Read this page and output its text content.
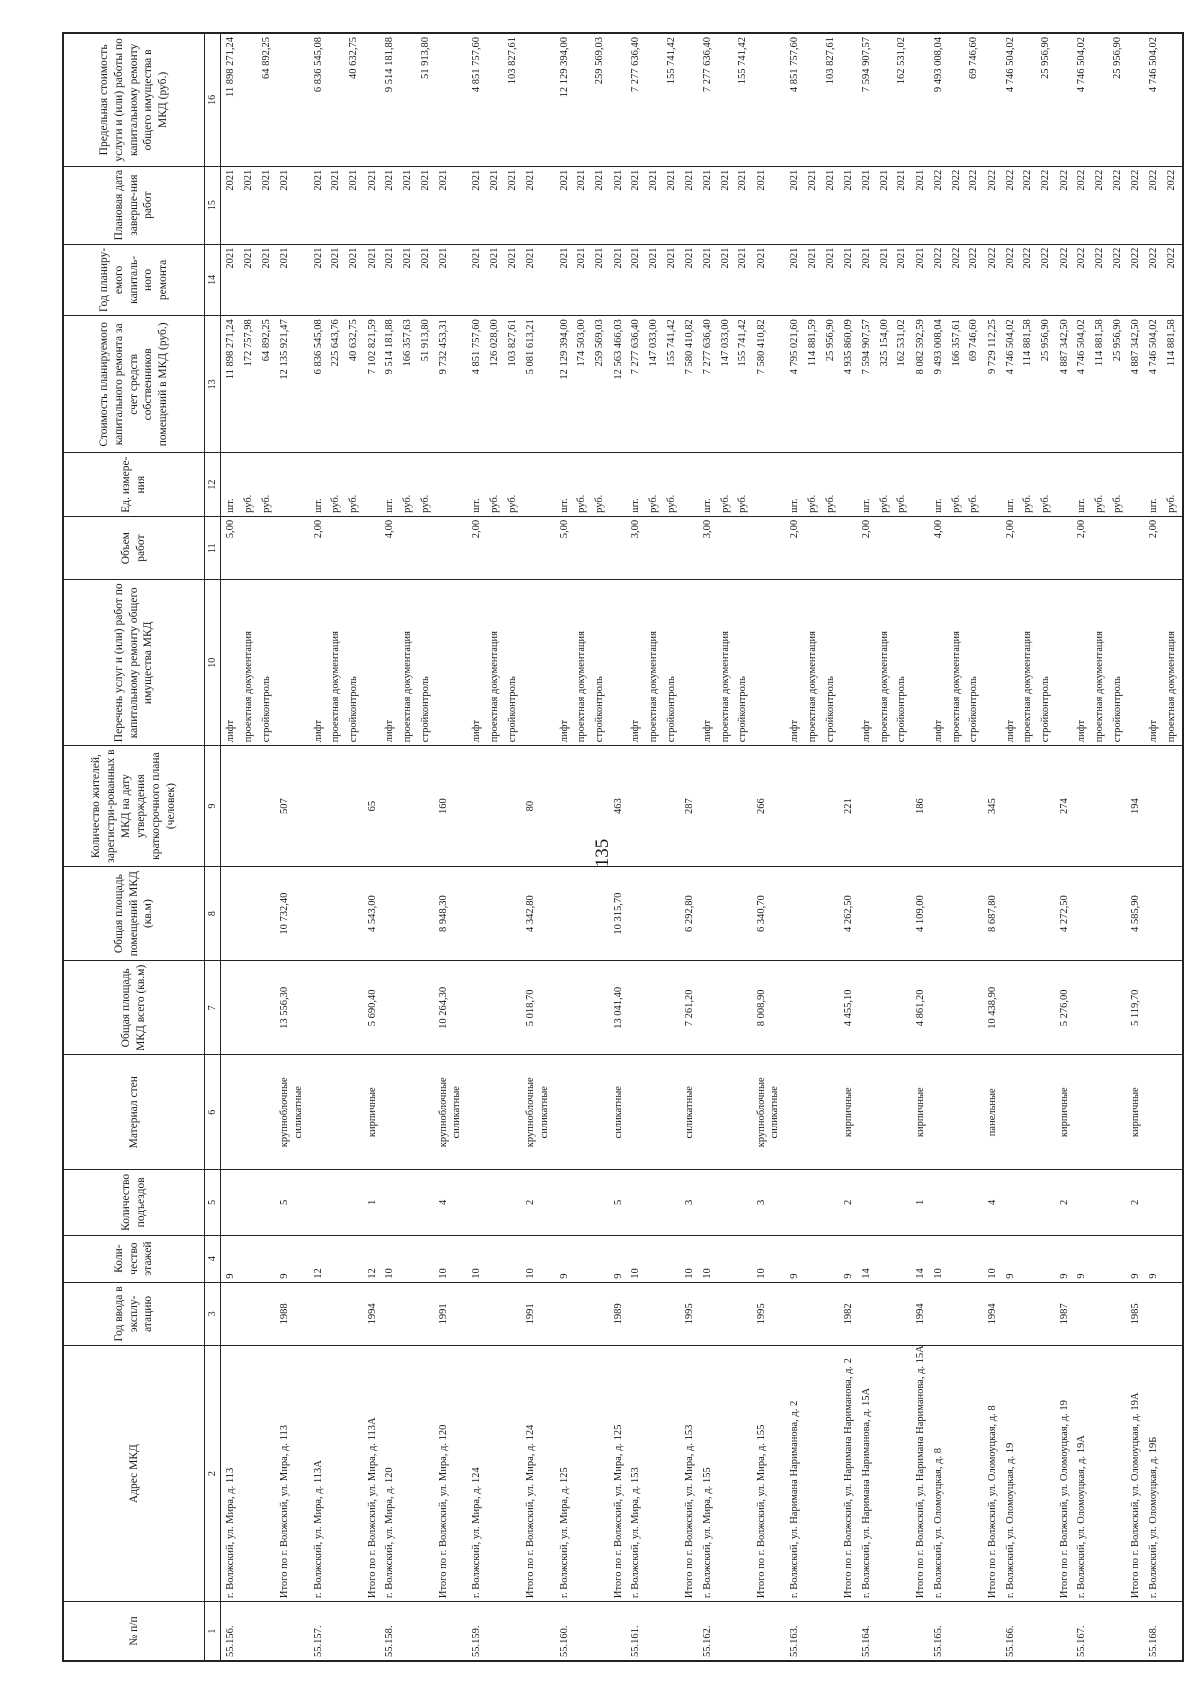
135
№ п/п	Адрес МКД	Год ввода в эксплу-атацию	Коли-чество этажей	Количество подъездов	Материал стен	Общая площадь МКД всего (кв.м)	Общая площадь помещений МКД (кв.м)	Количество жителей, зарегистри-рованных в МКД на дату утверждения краткосрочного плана (человек)	Перечень услуг и (или) работ по капитальному ремонту общего имущества МКД	Объем работ	Ед. измере-ния	Стоимость планируемого капитального ремонта за счет средств собственников помещений в МКД (руб.)	Год планиру-емого капиталь-ного ремонта	Плановая дата заверше-ния работ	Предельная стоимость услуги и (или) работы по капитальному ремонту общего имущества в МКД (руб.)
1	2	3	4	5	6	7	8	9	10	11	12	13	14	15	16
55.156.	г. Волжский, ул. Мира, д. 113		9						лифт	5,00	шт.	11 898 271,24	2021	2021	11 898 271,24
									проектная документация		руб.	172 757,98	2021	2021	
									стройконтроль		руб.	64 892,25	2021	2021	64 892,25
	Итого по г. Волжский, ул. Мира, д. 113	1988	9	5	крупноблочные силикатные	13 556,30	10 732,40	507				12 135 921,47	2021	2021	
55.157.	г. Волжский, ул. Мира, д. 113А		12						лифт	2,00	шт.	6 836 545,08	2021	2021	6 836 545,08
									проектная документация		руб.	225 643,76	2021	2021	
									стройконтроль		руб.	40 632,75	2021	2021	40 632,75
	Итого по г. Волжский, ул. Мира, д. 113А	1994	12	1	кирпичные	5 690,40	4 543,00	65				7 102 821,59	2021	2021	
55.158.	г. Волжский, ул. Мира, д. 120		10						лифт	4,00	шт.	9 514 181,88	2021	2021	9 514 181,88
									проектная документация		руб.	166 357,63	2021	2021	
									стройконтроль		руб.	51 913,80	2021	2021	51 913,80
	Итого по г. Волжский, ул. Мира, д. 120	1991	10	4	крупноблочные силикатные	10 264,30	8 948,30	160				9 732 453,31	2021	2021	
55.159.	г. Волжский, ул. Мира, д. 124		10						лифт	2,00	шт.	4 851 757,60	2021	2021	4 851 757,60
									проектная документация		руб.	126 028,00	2021	2021	
									стройконтроль		руб.	103 827,61	2021	2021	103 827,61
	Итого по г. Волжский, ул. Мира, д. 124	1991	10	2	крупноблочные силикатные	5 018,70	4 342,80	80				5 081 613,21	2021	2021	
55.160.	г. Волжский, ул. Мира, д. 125		9						лифт	5,00	шт.	12 129 394,00	2021	2021	12 129 394,00
									проектная документация		руб.	174 503,00	2021	2021	
									стройконтроль		руб.	259 569,03	2021	2021	259 569,03
	Итого по г. Волжский, ул. Мира, д. 125	1989	9	5	силикатные	13 041,40	10 315,70	463				12 563 466,03	2021	2021	
55.161.	г. Волжский, ул. Мира, д. 153		10						лифт	3,00	шт.	7 277 636,40	2021	2021	7 277 636,40
									проектная документация		руб.	147 033,00	2021	2021	
									стройконтроль		руб.	155 741,42	2021	2021	155 741,42
	Итого по г. Волжский, ул. Мира, д. 153	1995	10	3	силикатные	7 261,20	6 292,80	287				7 580 410,82	2021	2021	
55.162.	г. Волжский, ул. Мира, д. 155		10						лифт	3,00	шт.	7 277 636,40	2021	2021	7 277 636,40
									проектная документация		руб.	147 033,00	2021	2021	
									стройконтроль		руб.	155 741,42	2021	2021	155 741,42
	Итого по г. Волжский, ул. Мира, д. 155	1995	10	3	крупноблочные силикатные	8 008,90	6 340,70	266				7 580 410,82	2021	2021	
55.163.	г. Волжский, ул. Наримана Нариманова, д. 2		9						лифт	2,00	шт.	4 795 021,60	2021	2021	4 851 757,60
									проектная документация		руб.	114 881,59	2021	2021	
									стройконтроль		руб.	25 956,90	2021	2021	103 827,61
	Итого по г. Волжский, ул. Наримана Нариманова, д. 2	1982	9	2	кирпичные	4 455,10	4 262,50	221				4 935 860,09	2021	2021	
55.164.	г. Волжский, ул. Наримана Нариманова, д. 15А		14						лифт	2,00	шт.	7 594 907,57	2021	2021	7 594 907,57
									проектная документация		руб.	325 154,00	2021	2021	
									стройконтроль		руб.	162 531,02	2021	2021	162 531,02
	Итого по г. Волжский, ул. Наримана Нариманова, д. 15А	1994	14	1	кирпичные	4 861,20	4 109,00	186				8 082 592,59	2021	2021	
55.165.	г. Волжский, ул. Оломоуцкая, д. 8		10						лифт	4,00	шт.	9 493 008,04	2022	2022	9 493 008,04
									проектная документация		руб.	166 357,61	2022	2022	
									стройконтроль		руб.	69 746,60	2022	2022	69 746,60
	Итого по г. Волжский, ул. Оломоуцкая, д. 8	1994	10	4	панельные	10 438,90	8 687,80	345				9 729 112,25	2022	2022	
55.166.	г. Волжский, ул. Оломоуцкая, д. 19		9						лифт	2,00	шт.	4 746 504,02	2022	2022	4 746 504,02
									проектная документация		руб.	114 881,58	2022	2022	
									стройконтроль		руб.	25 956,90	2022	2022	25 956,90
	Итого по г. Волжский, ул. Оломоуцкая, д. 19	1987	9	2	кирпичные	5 276,00	4 272,50	274				4 887 342,50	2022	2022	
55.167.	г. Волжский, ул. Оломоуцкая, д. 19А		9						лифт	2,00	шт.	4 746 504,02	2022	2022	4 746 504,02
									проектная документация		руб.	114 881,58	2022	2022	
									стройконтроль		руб.	25 956,90	2022	2022	25 956,90
	Итого по г. Волжский, ул. Оломоуцкая, д. 19А	1985	9	2	кирпичные	5 119,70	4 585,90	194				4 887 342,50	2022	2022	
55.168.	г. Волжский, ул. Оломоуцкая, д. 19Б		9						лифт	2,00	шт.	4 746 504,02	2022	2022	4 746 504,02
									проектная документация		руб.	114 881,58	2022	2022	
